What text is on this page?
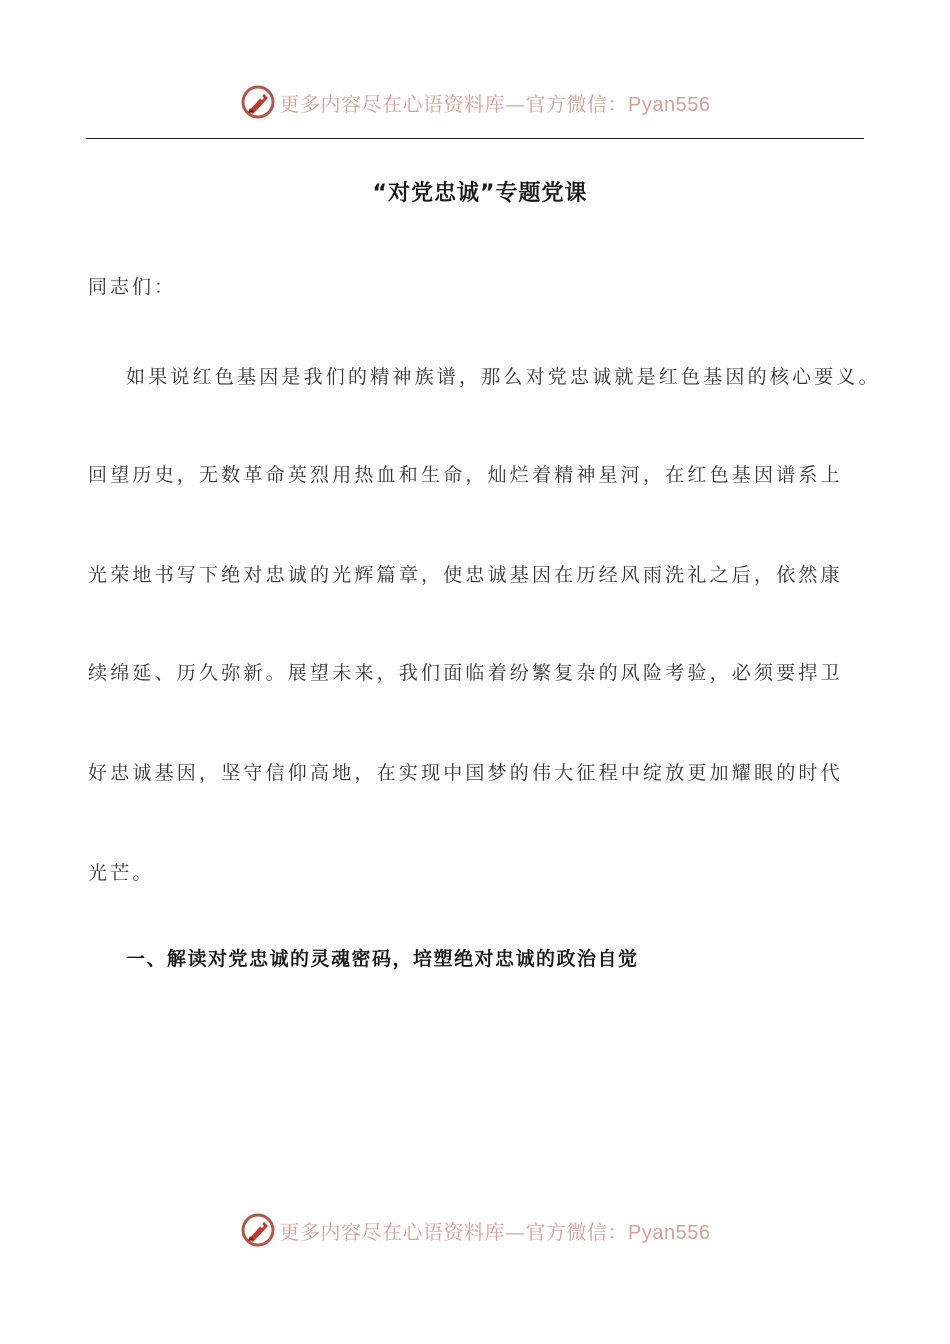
更多内容尽在心语资料库—官方微信：Pyan556
“对党忠诚”专题党课
同志们：
如果说红色基因是我们的精神族谱，那么对党忠诚就是红色基因的核心要义。
回望历史，无数革命英烈用热血和生命，灿烂着精神星河，在红色基因谱系上
光荣地书写下绝对忠诚的光辉篇章，使忠诚基因在历经风雨洗礼之后，依然康
续绵延、历久弥新。展望未来，我们面临着纷繁复杂的风险考验，必须要捍卫
好忠诚基因，坚守信仰高地，在实现中国梦的伟大征程中绽放更加耀眼的时代
光芒。
一、解读对党忠诚的灵魂密码，培塑绝对忠诚的政治自觉
更多内容尽在心语资料库—官方微信：Pyan556
